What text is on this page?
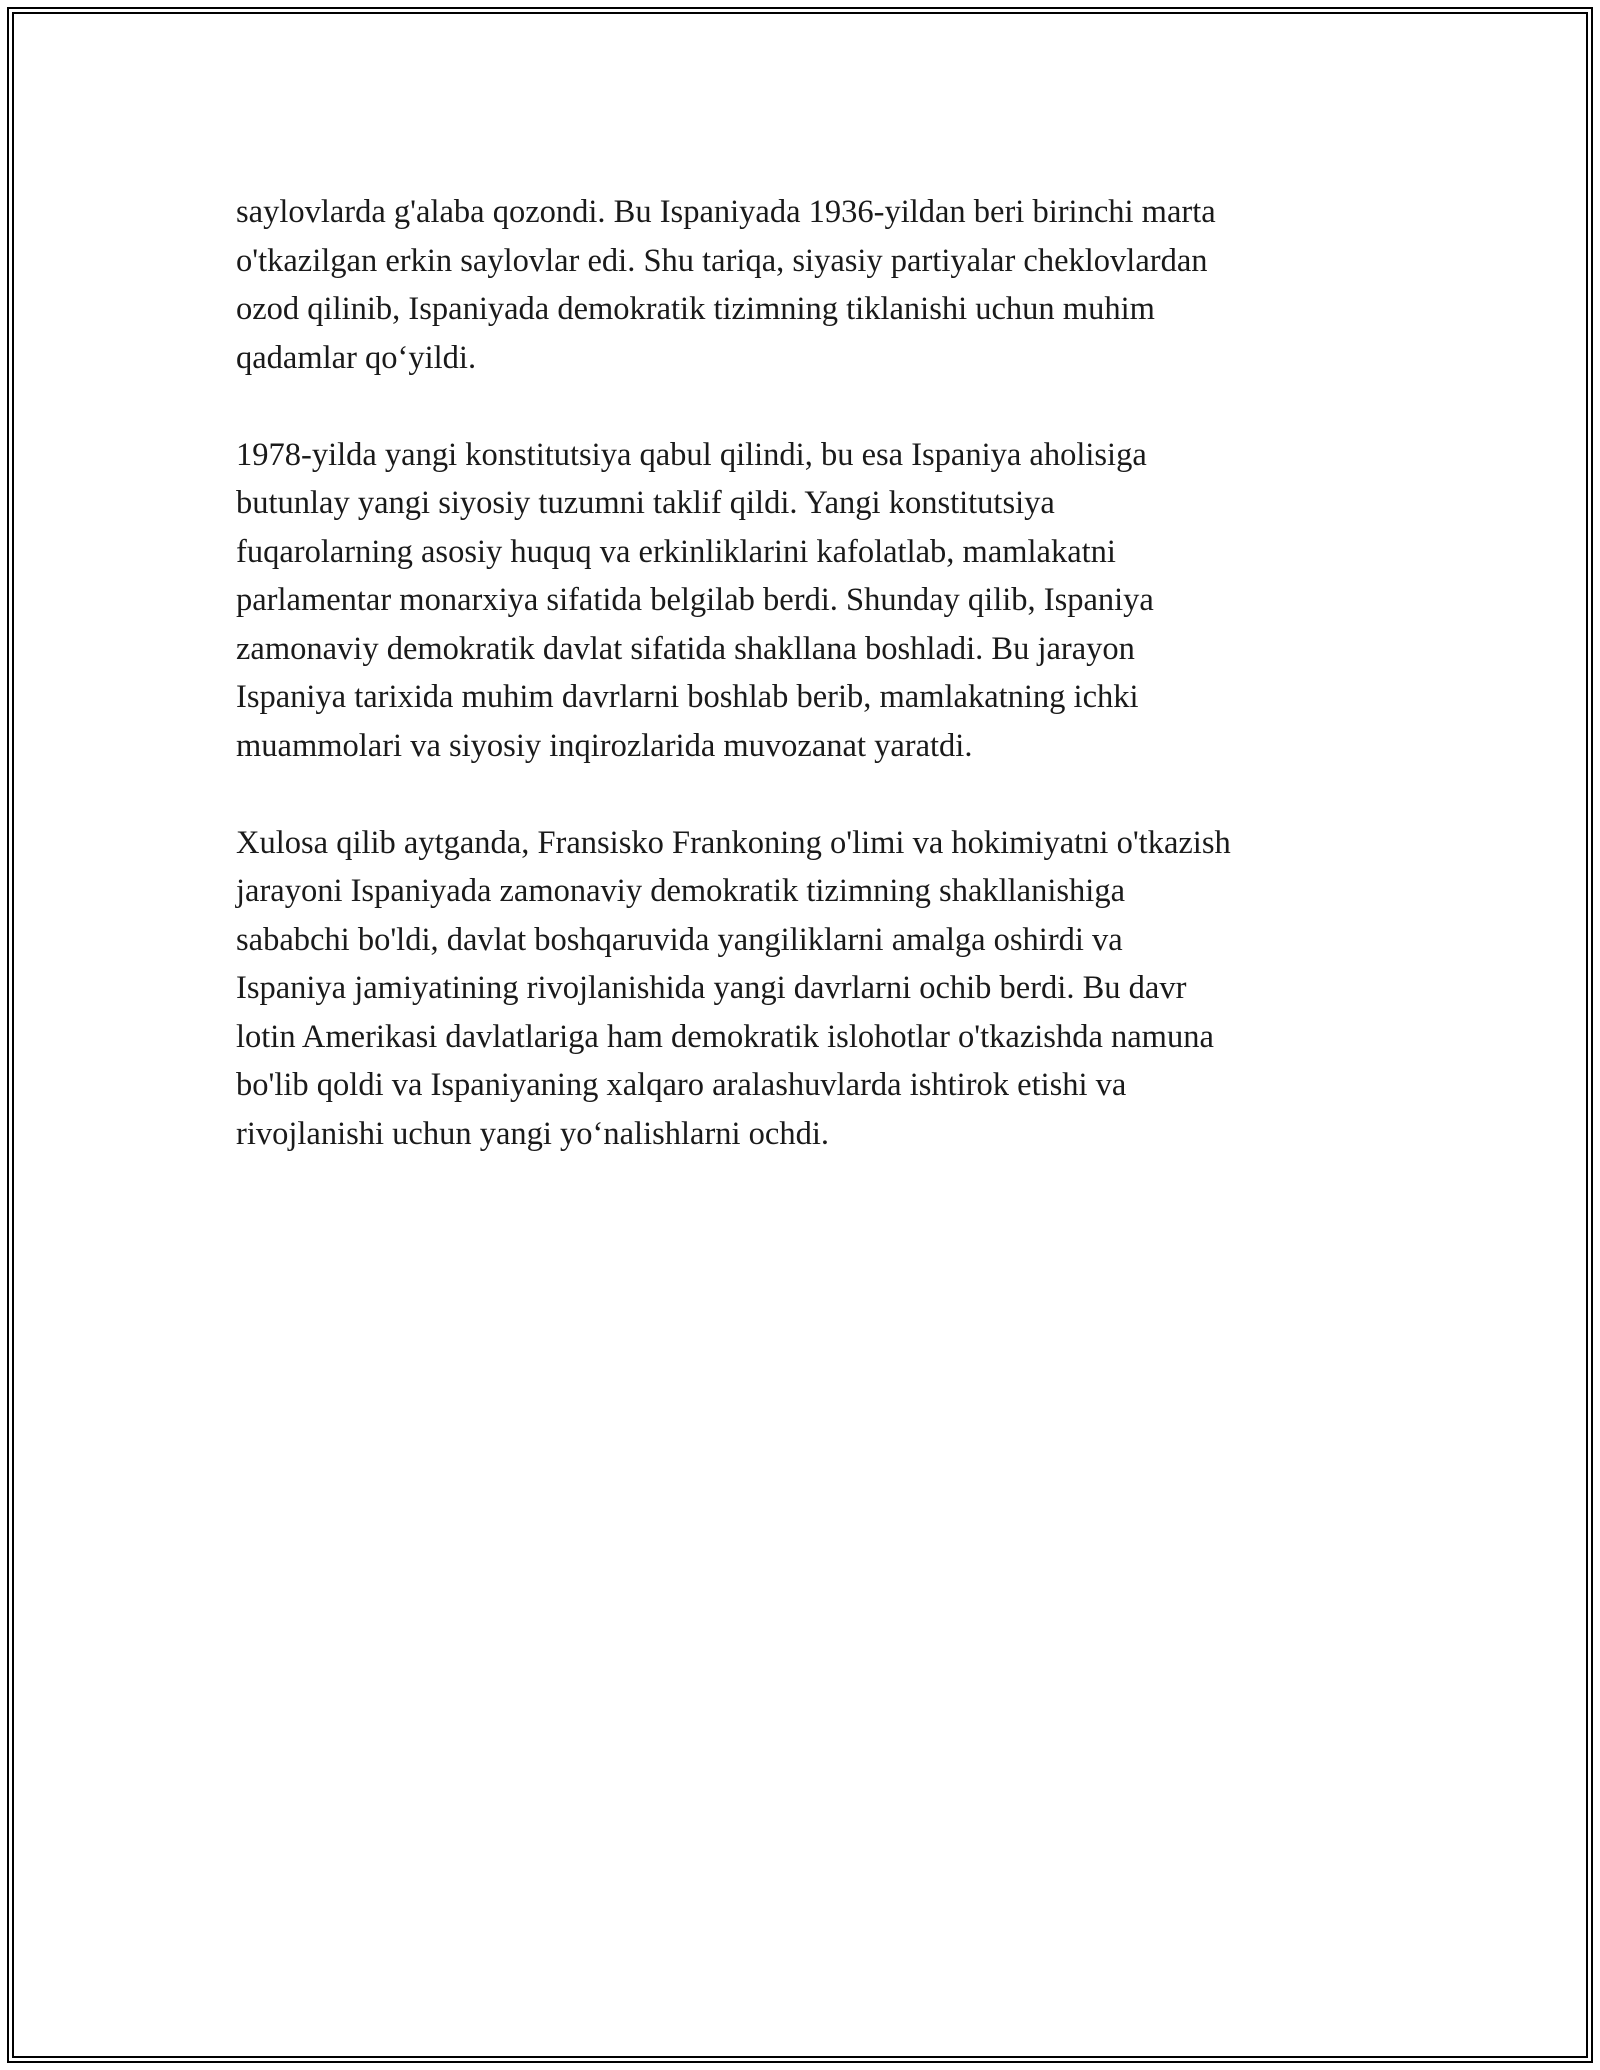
saylovlarda g'alaba qozondi. Bu Ispaniyada 1936-yildan beri birinchi marta
o'tkazilgan erkin saylovlar edi. Shu tariqa, siyasiy partiyalar cheklovlardan
ozod qilinib, Ispaniyada demokratik tizimning tiklanishi uchun muhim
qadamlar qo‘yildi.

1978-yilda yangi konstitutsiya qabul qilindi, bu esa Ispaniya aholisiga
butunlay yangi siyosiy tuzumni taklif qildi. Yangi konstitutsiya
fuqarolarning asosiy huquq va erkinliklarini kafolatlab, mamlakatni
parlamentar monarxiya sifatida belgilab berdi. Shunday qilib, Ispaniya
zamonaviy demokratik davlat sifatida shakllana boshladi. Bu jarayon
Ispaniya tarixida muhim davrlarni boshlab berib, mamlakatning ichki
muammolari va siyosiy inqirozlarida muvozanat yaratdi.

Xulosa qilib aytganda, Fransisko Frankoning o'limi va hokimiyatni o'tkazish
jarayoni Ispaniyada zamonaviy demokratik tizimning shakllanishiga
sababchi bo'ldi, davlat boshqaruvida yangiliklarni amalga oshirdi va
Ispaniya jamiyatining rivojlanishida yangi davrlarni ochib berdi. Bu davr
lotin Amerikasi davlatlariga ham demokratik islohotlar o'tkazishda namuna
bo'lib qoldi va Ispaniyaning xalqaro aralashuvlarda ishtirok etishi va
rivojlanishi uchun yangi yo‘nalishlarni ochdi.
